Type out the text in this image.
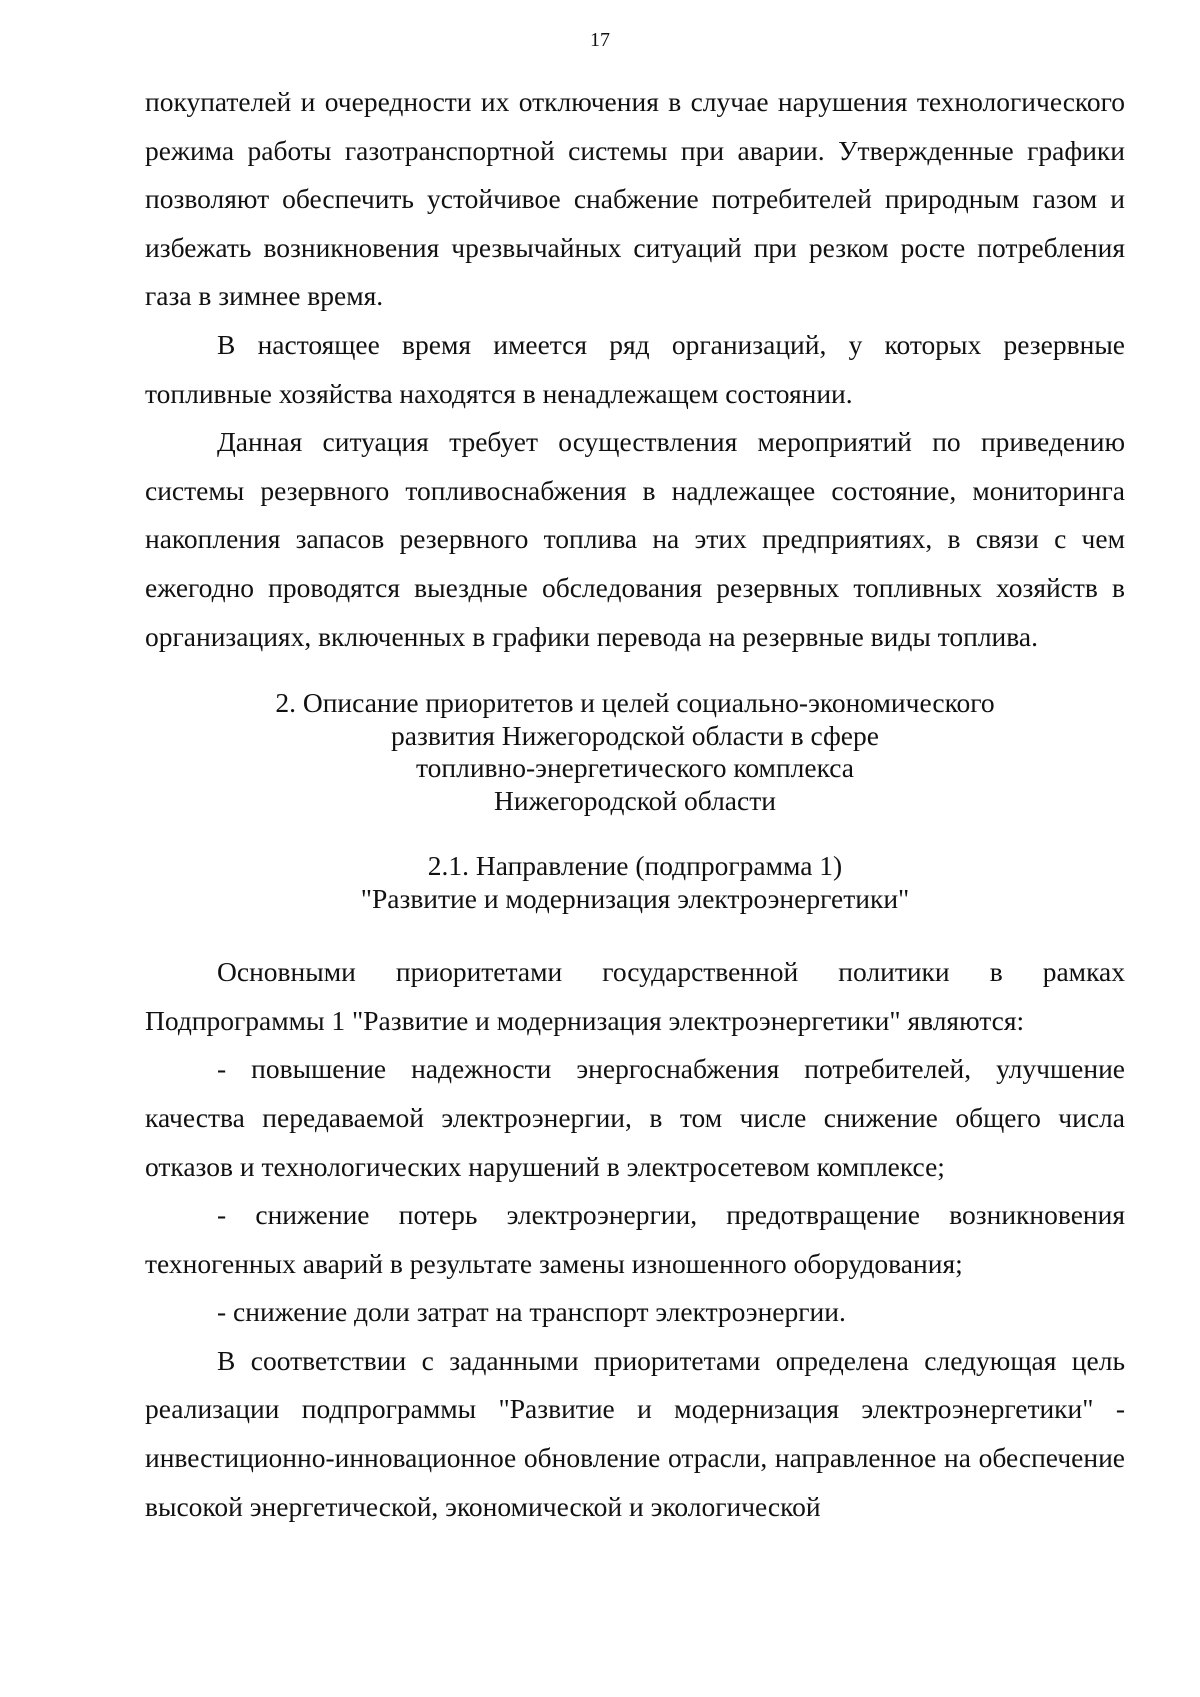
17

покупателей и очередности их отключения в случае нарушения технологического режима работы газотранспортной системы при аварии. Утвержденные графики позволяют обеспечить устойчивое снабжение потребителей природным газом и избежать возникновения чрезвычайных ситуаций при резком росте потребления газа в зимнее время.

В настоящее время имеется ряд организаций, у которых резервные топливные хозяйства находятся в ненадлежащем состоянии.

Данная ситуация требует осуществления мероприятий по приведению системы резервного топливоснабжения в надлежащее состояние, мониторинга накопления запасов резервного топлива на этих предприятиях, в связи с чем ежегодно проводятся выездные обследования резервных топливных хозяйств в организациях, включенных в графики перевода на резервные виды топлива.

2. Описание приоритетов и целей социально-экономического
развития Нижегородской области в сфере
топливно-энергетического комплекса
Нижегородской области
2.1. Направление (подпрограмма 1)
"Развитие и модернизация электроэнергетики"

Основными приоритетами государственной политики в рамках Подпрограммы 1 "Развитие и модернизация электроэнергетики" являются:

- повышение надежности энергоснабжения потребителей, улучшение качества передаваемой электроэнергии, в том числе снижение общего числа отказов и технологических нарушений в электросетевом комплексе;

- снижение потерь электроэнергии, предотвращение возникновения техногенных аварий в результате замены изношенного оборудования;

- снижение доли затрат на транспорт электроэнергии.

В соответствии с заданными приоритетами определена следующая цель реализации подпрограммы "Развитие и модернизация электроэнергетики" - инвестиционно-инновационное обновление отрасли, направленное на обеспечение высокой энергетической, экономической и экологической
